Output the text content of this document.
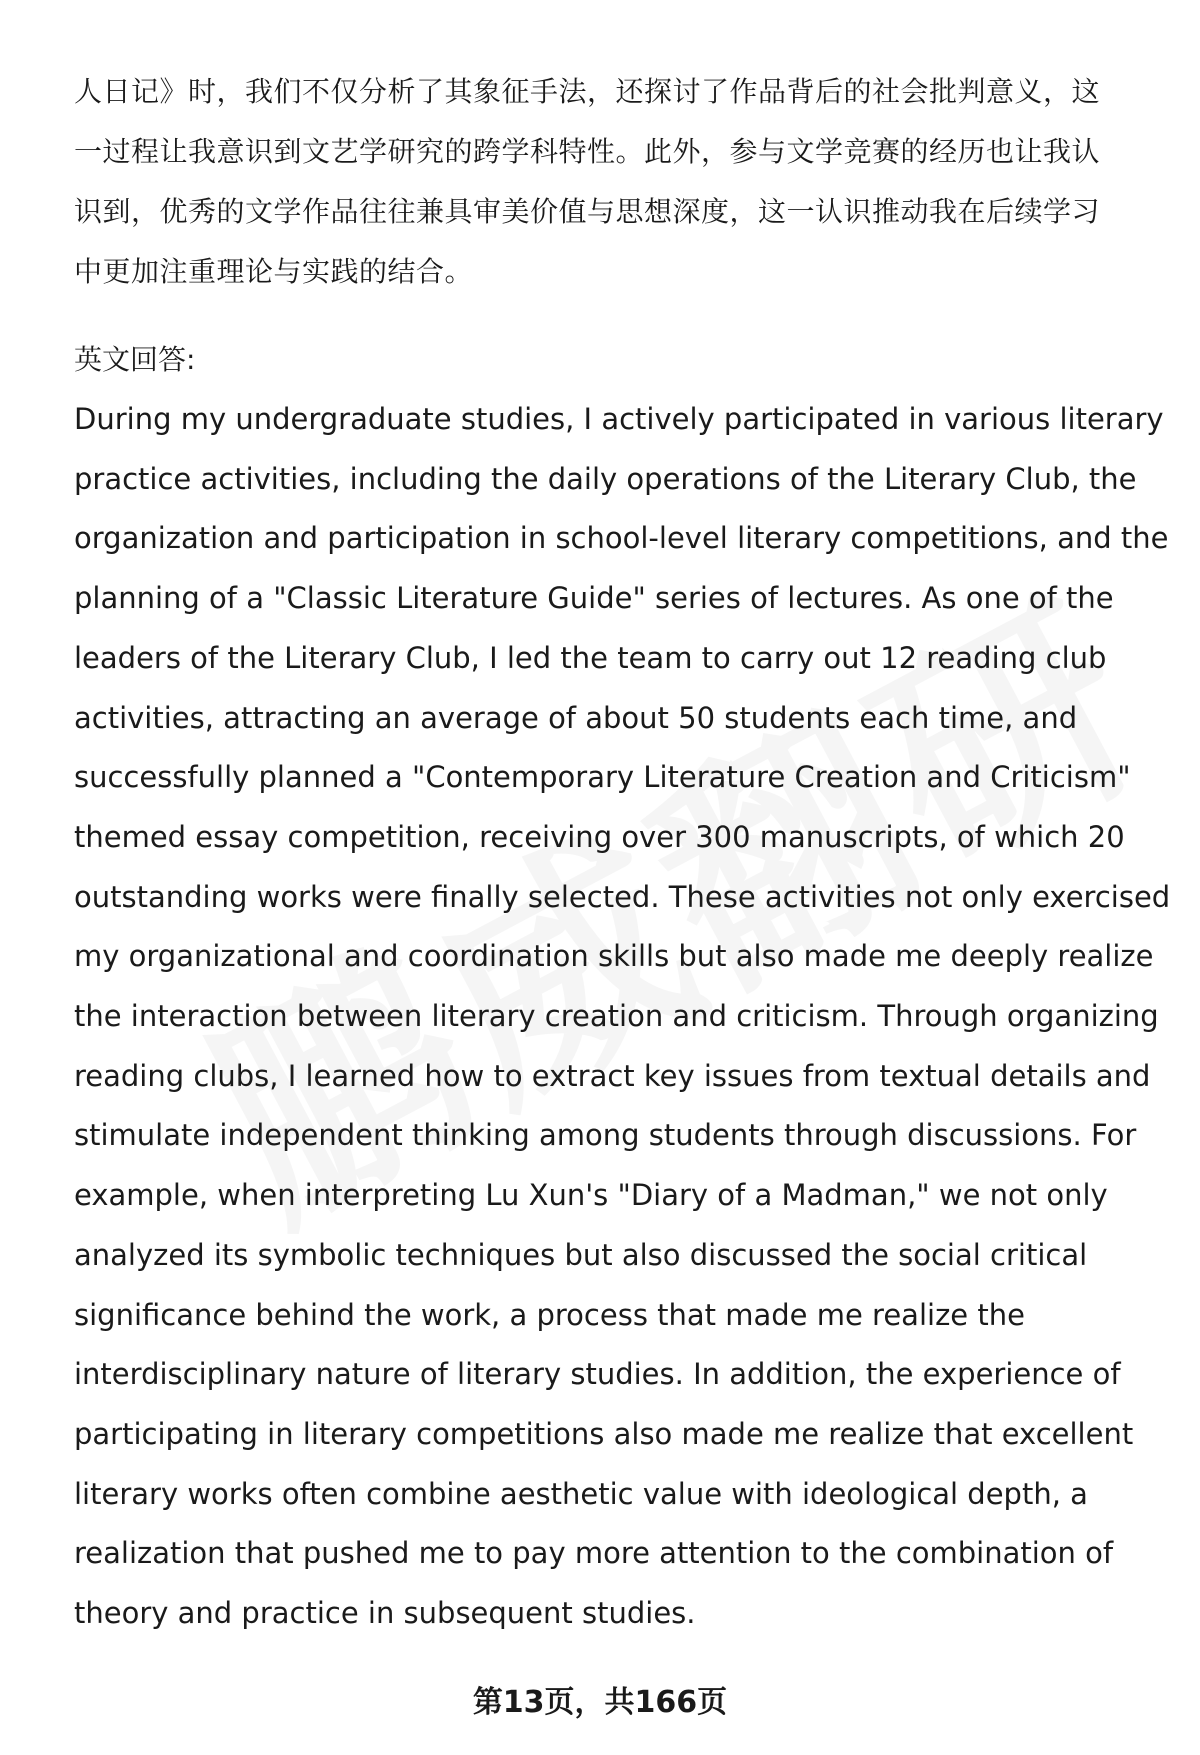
人日记》时，我们不仅分析了其象征手法，还探讨了作品背后的社会批判意义，这
一过程让我意识到文艺学研究的跨学科特性。此外，参与文学竞赛的经历也让我认
识到，优秀的文学作品往往兼具审美价值与思想深度，这一认识推动我在后续学习
中更加注重理论与实践的结合。

英文回答:

During my undergraduate studies, I actively participated in various literary
practice activities, including the daily operations of the Literary Club, the
organization and participation in school-level literary competitions, and the
planning of a "Classic Literature Guide" series of lectures. As one of the
leaders of the Literary Club, I led the team to carry out 12 reading club
activities, attracting an average of about 50 students each time, and
successfully planned a "Contemporary Literature Creation and Criticism"
themed essay competition, receiving over 300 manuscripts, of which 20
outstanding works were finally selected. These activities not only exercised
my organizational and coordination skills but also made me deeply realize
the interaction between literary creation and criticism. Through organizing
reading clubs, I learned how to extract key issues from textual details and
stimulate independent thinking among students through discussions. For
example, when interpreting Lu Xun's "Diary of a Madman," we not only
analyzed its symbolic techniques but also discussed the social critical
significance behind the work, a process that made me realize the
interdisciplinary nature of literary studies. In addition, the experience of
participating in literary competitions also made me realize that excellent
literary works often combine aesthetic value with ideological depth, a
realization that pushed me to pay more attention to the combination of
theory and practice in subsequent studies.

第13页，共166页
